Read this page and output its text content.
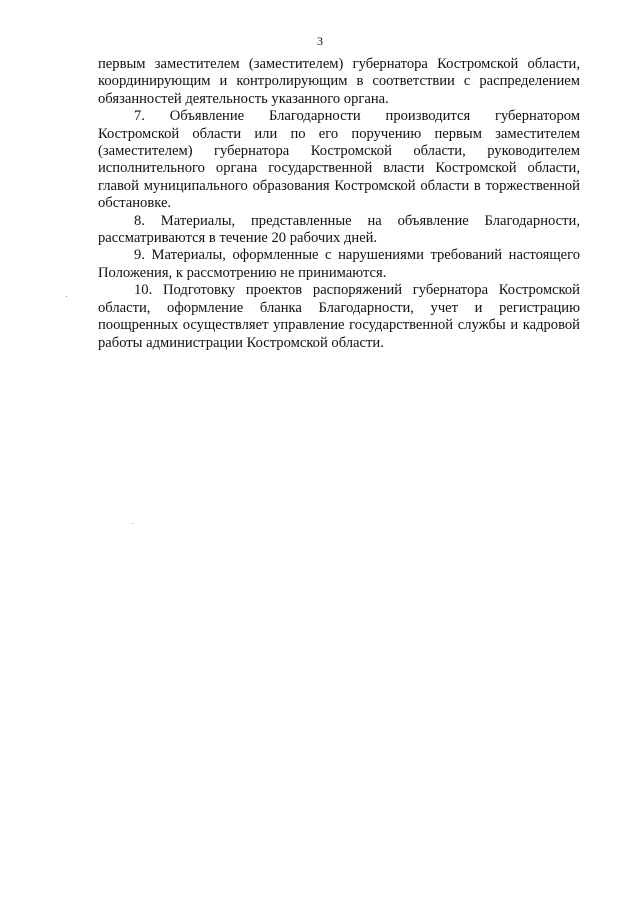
3

первым заместителем (заместителем) губернатора Костромской области, координирующим и контролирующим в соответствии с распределением обязанностей деятельность указанного органа.

7. Объявление Благодарности производится губернатором Костромской области или по его поручению первым заместителем (заместителем) губернатора Костромской области, руководителем исполнительного органа государственной власти Костромской области, главой муниципального образования Костромской области в торжественной обстановке.

8. Материалы, представленные на объявление Благодарности, рассматриваются в течение 20 рабочих дней.

9. Материалы, оформленные с нарушениями требований настоящего Положения, к рассмотрению не принимаются.

10. Подготовку проектов распоряжений губернатора Костромской области, оформление бланка Благодарности, учет и регистрацию поощренных осуществляет управление государственной службы и кадровой работы администрации Костромской области.
